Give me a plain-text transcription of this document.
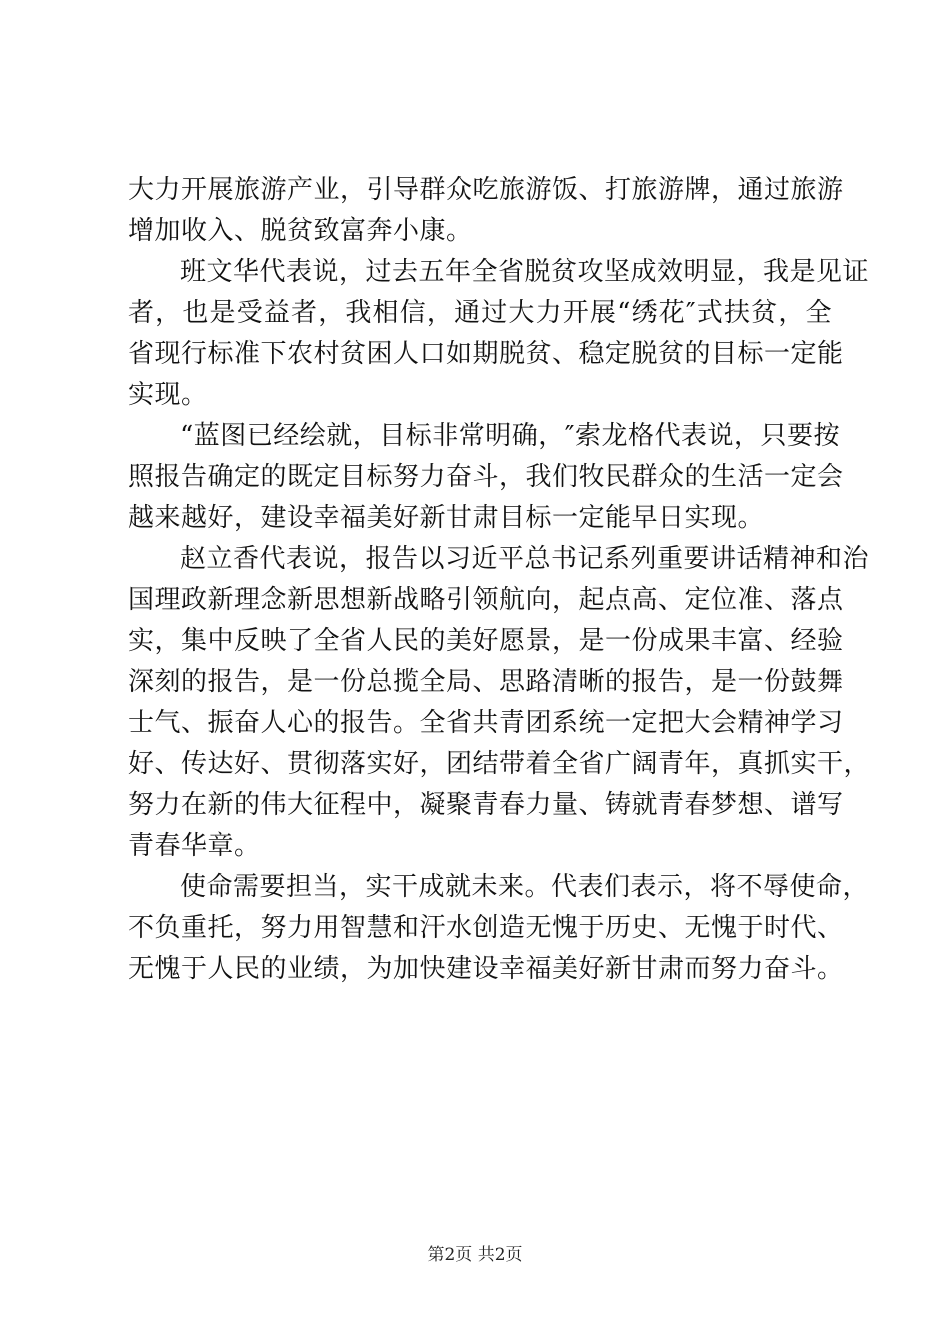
大力开展旅游产业，引导群众吃旅游饭、打旅游牌，通过旅游
增加收入、脱贫致富奔小康。
班文华代表说，过去五年全省脱贫攻坚成效明显，我是见证
者，也是受益者，我相信，通过大力开展“绣花″式扶贫，全
省现行标准下农村贫困人口如期脱贫、稳定脱贫的目标一定能
实现。
“蓝图已经绘就，目标非常明确，″索龙格代表说，只要按
照报告确定的既定目标努力奋斗，我们牧民群众的生活一定会
越来越好，建设幸福美好新甘肃目标一定能早日实现。
赵立香代表说，报告以习近平总书记系列重要讲话精神和治
国理政新理念新思想新战略引领航向，起点高、定位准、落点
实，集中反映了全省人民的美好愿景，是一份成果丰富、经验
深刻的报告，是一份总揽全局、思路清晰的报告，是一份鼓舞
士气、振奋人心的报告。全省共青团系统一定把大会精神学习
好、传达好、贯彻落实好，团结带着全省广阔青年，真抓实干，
努力在新的伟大征程中，凝聚青春力量、铸就青春梦想、谱写
青春华章。
使命需要担当，实干成就未来。代表们表示，将不辱使命，
不负重托，努力用智慧和汗水创造无愧于历史、无愧于时代、
无愧于人民的业绩，为加快建设幸福美好新甘肃而努力奋斗。
第2页 共2页
